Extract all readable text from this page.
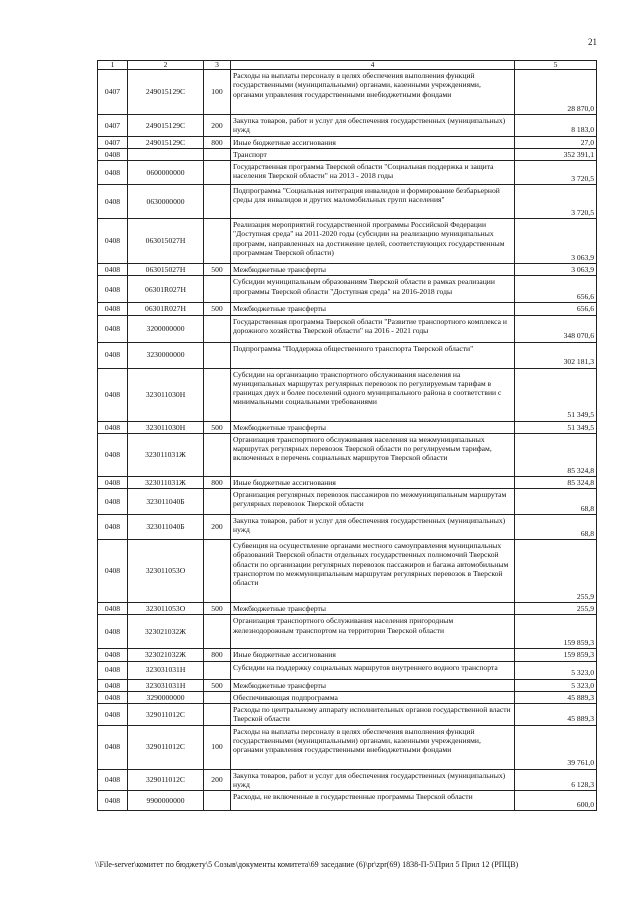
21
1	2	3	4	5
0407	249015129C	100	Расходы на выплаты персоналу в целях обеспечения выполнения функций государственными (муниципальными) органами, казенными учреждениями, органами управления государственными внебюджетными фондами	28 870,0
0407	249015129C	200	Закупка товаров, работ и услуг для обеспечения государственных (муниципальных) нужд	8 183,0
0407	249015129C	800	Иные бюджетные ассигнования	27,0
0408			Транспорт	352 391,1
0408	0600000000		Государственная программа Тверской области "Социальная поддержка и защита населения Тверской области" на 2013 - 2018 годы	3 720,5
0408	0630000000		Подпрограмма "Социальная интеграция инвалидов и формирование безбарьерной среды для инвалидов и других маломобильных групп населения"	3 720,5
0408	063015027H		Реализация мероприятий государственной программы Российской Федерации "Доступная среда" на 2011-2020 годы (субсидии на реализацию муниципальных программ, направленных на достижение целей, соответствующих государственным программам Тверской области)	3 063,9
0408	063015027H	500	Межбюджетные трансферты	3 063,9
0408	06301R027H		Субсидии муниципальным образованиям Тверской области в рамках реализации программы Тверской области "Доступная среда" на 2016-2018 годы	656,6
0408	06301R027H	500	Межбюджетные трансферты	656,6
0408	3200000000		Государственная программа Тверской области "Развитие транспортного комплекса и дорожного хозяйства Тверской области" на 2016 - 2021 годы	348 070,6
0408	3230000000		Подпрограмма "Поддержка общественного транспорта Тверской области"	302 181,3
0408	323011030H		Субсидии на организацию транспортного обслуживания населения на муниципальных маршрутах регулярных перевозок по регулируемым тарифам в границах двух и более поселений одного муниципального района в соответствии с минимальными социальными требованиями	51 349,5
0408	323011030H	500	Межбюджетные трансферты	51 349,5
0408	323011031Ж		Организация транспортного обслуживания населения на межмуниципальных маршрутах регулярных перевозок Тверской области по регулируемым тарифам, включенных в перечень социальных маршрутов Тверской области	85 324,8
0408	323011031Ж	800	Иные бюджетные ассигнования	85 324,8
0408	323011040Б		Организация регулярных перевозок пассажиров по межмуниципальным маршрутам регулярных перевозок Тверской области	68,8
0408	323011040Б	200	Закупка товаров, работ и услуг для обеспечения государственных (муниципальных) нужд	68,8
0408	323011053О		Субвенция на осуществление органами местного самоуправления муниципальных образований Тверской области отдельных государственных полномочий Тверской области по организации регулярных перевозок пассажиров и багажа автомобильным транспортом по межмуниципальным маршрутам регулярных перевозок в Тверской области	255,9
0408	323011053О	500	Межбюджетные трансферты	255,9
0408	323021032Ж		Организация транспортного обслуживания населения пригородным железнодорожным транспортом на территории Тверской области	159 859,3
0408	323021032Ж	800	Иные бюджетные ассигнования	159 859,3
0408	323031031H		Субсидии на поддержку социальных маршрутов внутреннего водного транспорта	5 323,0
0408	323031031H	500	Межбюджетные трансферты	5 323,0
0408	3290000000		Обеспечивающая подпрограмма	45 889,3
0408	329011012C		Расходы по центральному аппарату исполнительных органов государственной власти Тверской области	45 889,3
0408	329011012C	100	Расходы на выплаты персоналу в целях обеспечения выполнения функций государственными (муниципальными) органами, казенными учреждениями, органами управления государственными внебюджетными фондами	39 761,0
0408	329011012C	200	Закупка товаров, работ и услуг для обеспечения государственных (муниципальных) нужд	6 128,3
0408	9900000000		Расходы, не включенные в государственные программы Тверской области	600,0
\\File-server\комитет по бюджету\5 Созыв\документы комитета\69 заседание (6)\pr\zpr(69) 1838-П-5\Прил 5 Прил 12 (РПЦВ)
